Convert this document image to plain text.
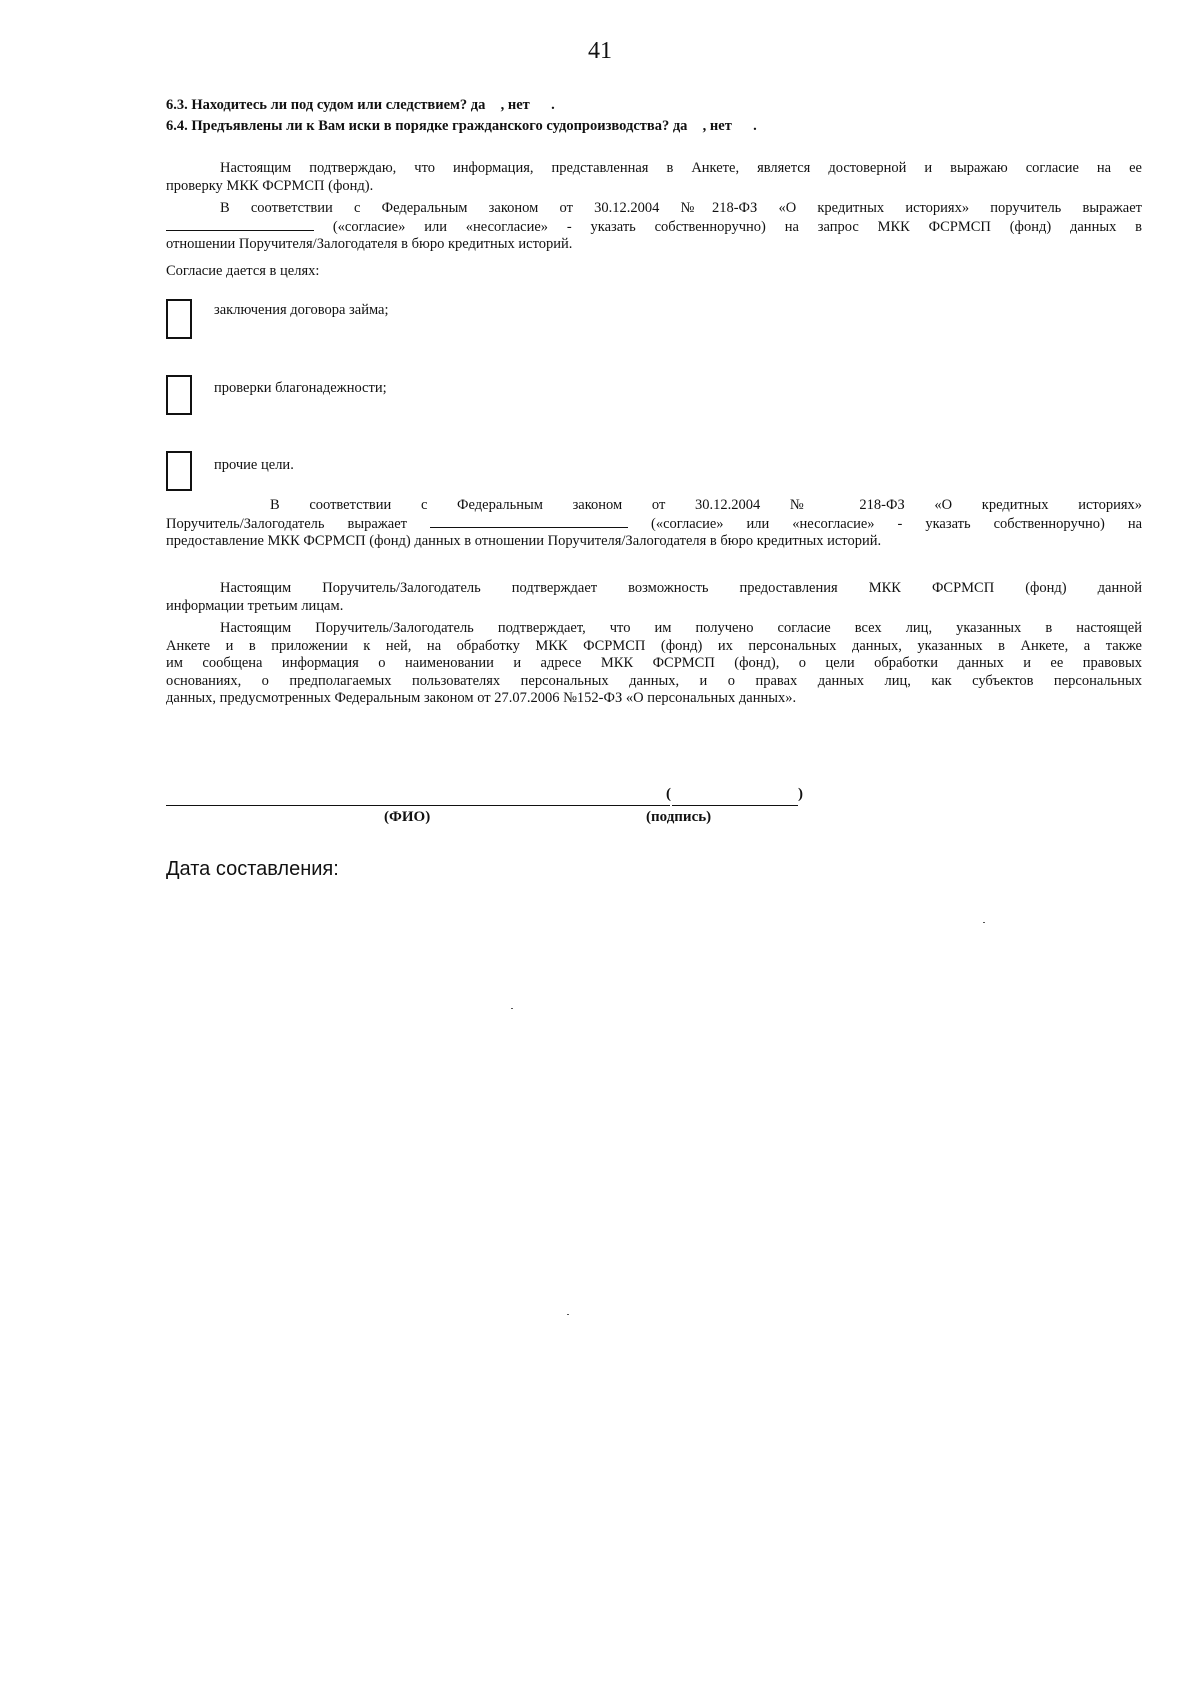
41
6.3. Находитесь ли под судом или следствием? да , нет .
6.4. Предъявлены ли к Вам иски в порядке гражданского судопроизводства? да , нет .
Настоящим подтверждаю, что информация, представленная в Анкете, является достоверной и выражаю согласие на ее
проверку МКК ФСРМСП (фонд).
В соответствии с Федеральным законом от 30.12.2004 №218-ФЗ «О кредитных историях» поручитель выражает
(«согласие» или «несогласие» - указать собственноручно) на запрос МКК ФСРМСП (фонд) данных в
отношении Поручителя/Залогодателя в бюро кредитных историй.
Согласие дается в целях:
заключения договора займа;
проверки благонадежности;
прочие цели.
В соответствии с Федеральным законом от 30.12.2004 № 218-ФЗ «О кредитных историях»
Поручитель/Залогодатель выражает	(«согласие» или «несогласие» - указать собственноручно) на
предоставление МКК ФСРМСП (фонд) данных в отношении Поручителя/Залогодателя в бюро кредитных историй.
Настоящим Поручитель/Залогодатель подтверждает возможность предоставления МКК ФСРМСП (фонд) данной
информации третьим лицам.
Настоящим Поручитель/Залогодатель подтверждает, что им получено согласие всех лиц, указанных в настоящей
Анкете и в приложении к ней, на обработку МКК ФСРМСП (фонд) их персональных данных, указанных в Анкете, а также
им сообщена информация о наименовании и адресе МКК ФСРМСП (фонд), о цели обработки данных и ее правовых
основаниях, о предполагаемых пользователях персональных данных, и о правах данных лиц, как субъектов персональных
данных, предусмотренных Федеральным законом от 27.07.2006 №152-ФЗ «О персональных данных».
(	)
(ФИО)	(подпись)
Дата составления:
